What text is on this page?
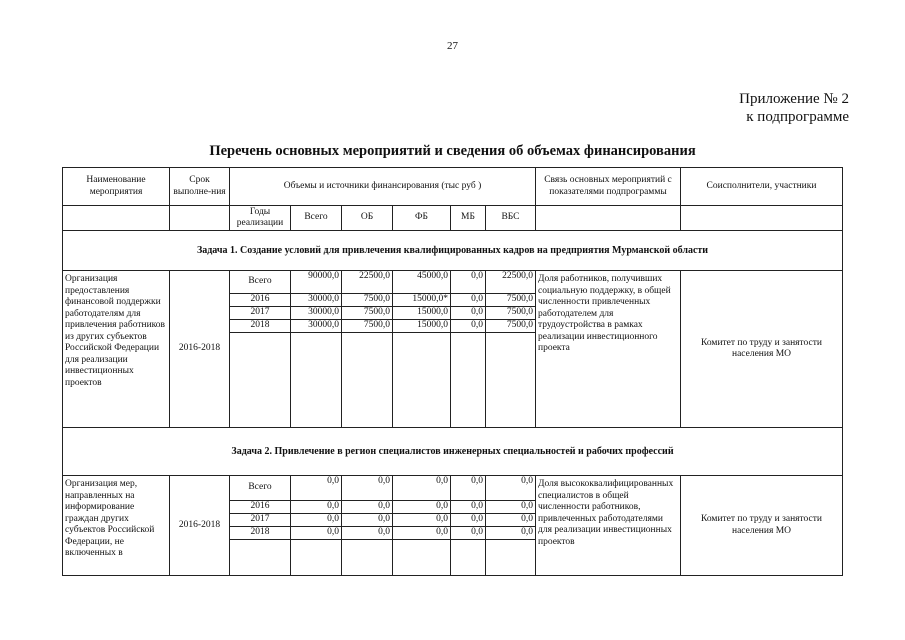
27
Приложение № 2
к подпрограмме
Перечень основных мероприятий и сведения об объемах финансирования
Наименование мероприятия	Срок выполне-ния	Объемы и источники финансирования (тыс руб )						Связь основных мероприятий с показателями подпрограммы	Соисполнители, участники
		Годы реализации	Всего	ОБ	ФБ	МБ	ВБС		
Задача 1. Создание условий для привлечения квалифицированных кадров на предприятия Мурманской области									
Организация предоставления финансовой поддержки работодателям для привлечения работников из других субъектов Российской Федерации для реализации инвестиционных проектов	2016-2018	Всего	90000,0	22500,0	45000,0	0,0	22500,0	Доля работников, получивших социальную поддержку, в общей численности привлеченных работодателем для трудоустройства в рамках реализации инвестиционного проекта	Комитет по труду и занятости населения МО
		2016	30000,0	7500,0	15000,0*	0,0	7500,0		
		2017	30000,0	7500,0	15000,0	0,0	7500,0		
		2018	30000,0	7500,0	15000,0	0,0	7500,0		

Задача 2. Привлечение в регион специалистов инженерных специальностей и рабочих профессий									
Организация мер, направленных на информирование граждан других субъектов Российской Федерации, не включенных в	2016-2018	Всего	0,0	0,0	0,0	0,0	0,0	Доля высококвалифицированных специалистов в общей численности работников, привлеченных работодателями для реализации инвестиционных проектов	Комитет по труду и занятости населения МО
		2016	0,0	0,0	0,0	0,0	0,0		
		2017	0,0	0,0	0,0	0,0	0,0		
		2018	0,0	0,0	0,0	0,0	0,0		
